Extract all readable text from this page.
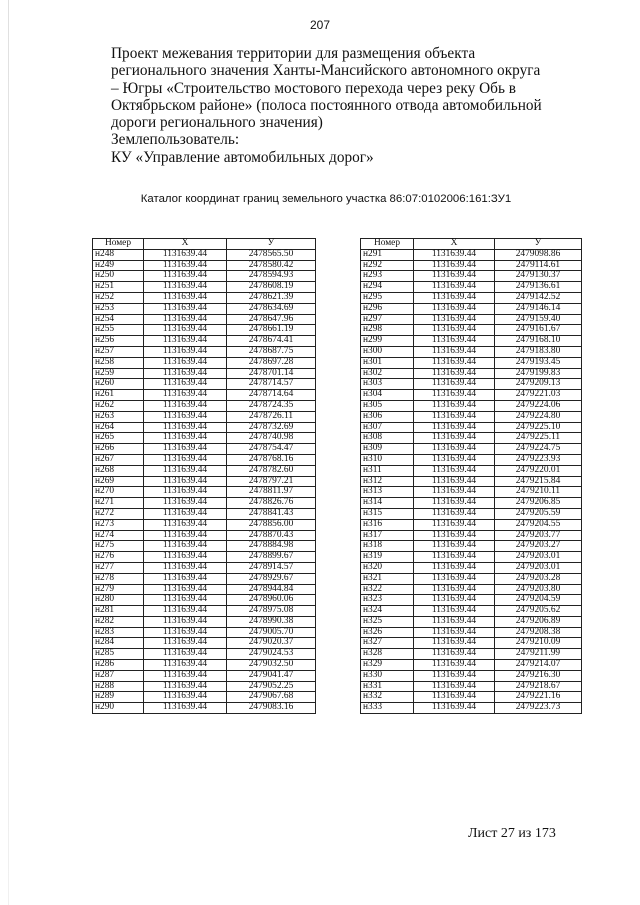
207
Проект межевания территории для размещения объекта
регионального значения Ханты-Мансийского автономного округа
– Югры «Строительство мостового перехода через реку Обь в
Октябрьском районе» (полоса постоянного отвода автомобильной
дороги регионального значения)
Землепользователь:
КУ «Управление автомобильных дорог»
Каталог координат границ земельного участка 86:07:0102006:161:ЗУ1
Номер	X	У
н248	1131639.44	2478565.50
н249	1131639.44	2478580.42
н250	1131639.44	2478594.93
н251	1131639.44	2478608.19
н252	1131639.44	2478621.39
н253	1131639.44	2478634.69
н254	1131639.44	2478647.96
н255	1131639.44	2478661.19
н256	1131639.44	2478674.41
н257	1131639.44	2478687.75
н258	1131639.44	2478697.28
н259	1131639.44	2478701.14
н260	1131639.44	2478714.57
н261	1131639.44	2478714.64
н262	1131639.44	2478724.35
н263	1131639.44	2478726.11
н264	1131639.44	2478732.69
н265	1131639.44	2478740.98
н266	1131639.44	2478754.47
н267	1131639.44	2478768.16
н268	1131639.44	2478782.60
н269	1131639.44	2478797.21
н270	1131639.44	2478811.97
н271	1131639.44	2478826.76
н272	1131639.44	2478841.43
н273	1131639.44	2478856.00
н274	1131639.44	2478870.43
н275	1131639.44	2478884.98
н276	1131639.44	2478899.67
н277	1131639.44	2478914.57
н278	1131639.44	2478929.67
н279	1131639.44	2478944.84
н280	1131639.44	2478960.06
н281	1131639.44	2478975.08
н282	1131639.44	2478990.38
н283	1131639.44	2479005.70
н284	1131639.44	2479020.37
н285	1131639.44	2479024.53
н286	1131639.44	2479032.50
н287	1131639.44	2479041.47
н288	1131639.44	2479052.25
н289	1131639.44	2479067.68
н290	1131639.44	2479083.16
Номер	X	У
н291	1131639.44	2479098.86
н292	1131639.44	2479114.61
н293	1131639.44	2479130.37
н294	1131639.44	2479136.61
н295	1131639.44	2479142.52
н296	1131639.44	2479146.14
н297	1131639.44	2479159.40
н298	1131639.44	2479161.67
н299	1131639.44	2479168.10
н300	1131639.44	2479183.80
н301	1131639.44	2479193.45
н302	1131639.44	2479199.83
н303	1131639.44	2479209.13
н304	1131639.44	2479221.03
н305	1131639.44	2479224.06
н306	1131639.44	2479224.80
н307	1131639.44	2479225.10
н308	1131639.44	2479225.11
н309	1131639.44	2479224.75
н310	1131639.44	2479223.93
н311	1131639.44	2479220.01
н312	1131639.44	2479215.84
н313	1131639.44	2479210.11
н314	1131639.44	2479206.85
н315	1131639.44	2479205.59
н316	1131639.44	2479204.55
н317	1131639.44	2479203.77
н318	1131639.44	2479203.27
н319	1131639.44	2479203.01
н320	1131639.44	2479203.01
н321	1131639.44	2479203.28
н322	1131639.44	2479203.80
н323	1131639.44	2479204.59
н324	1131639.44	2479205.62
н325	1131639.44	2479206.89
н326	1131639.44	2479208.38
н327	1131639.44	2479210.09
н328	1131639.44	2479211.99
н329	1131639.44	2479214.07
н330	1131639.44	2479216.30
н331	1131639.44	2479218.67
н332	1131639.44	2479221.16
н333	1131639.44	2479223.73
Лист 27 из 173
